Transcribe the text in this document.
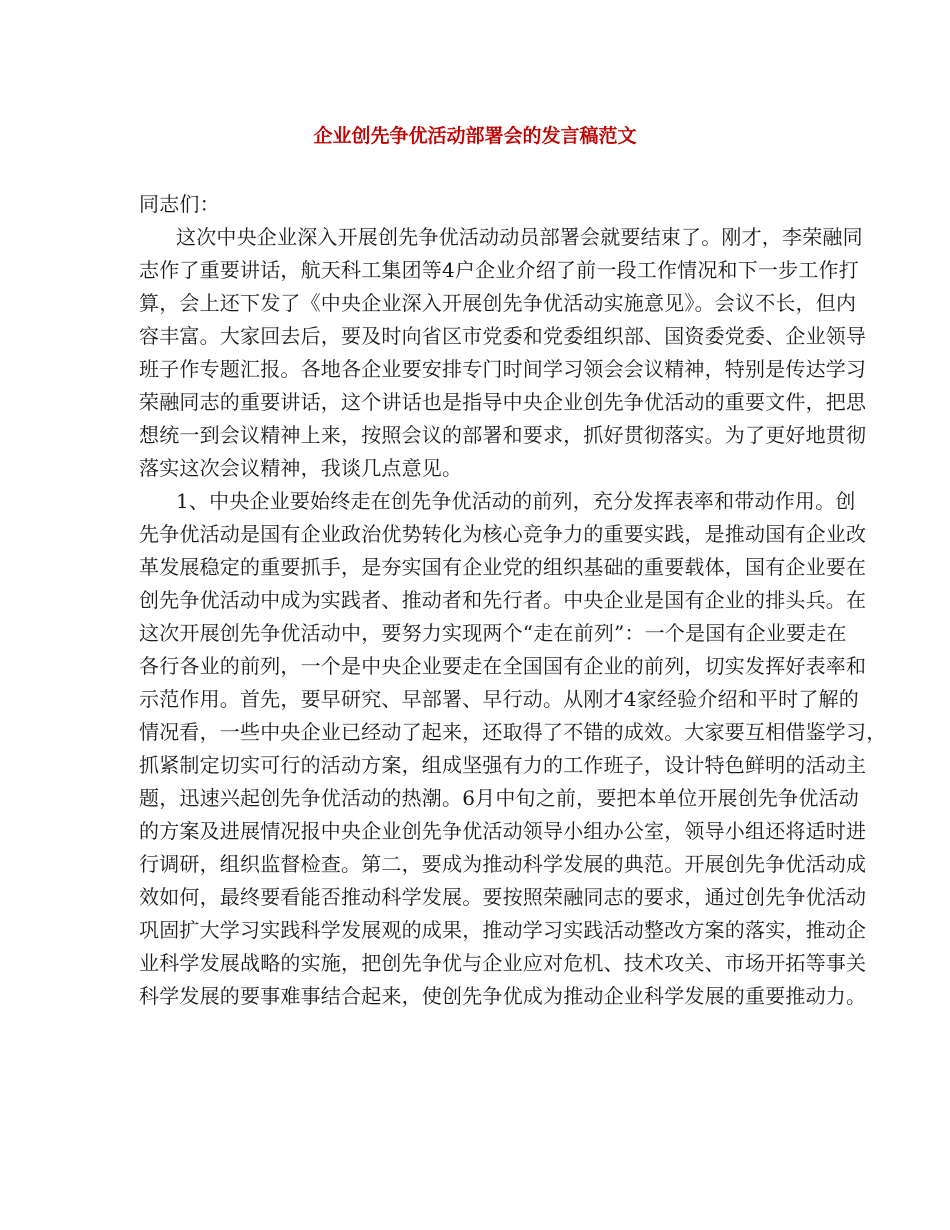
企业创先争优活动部署会的发言稿范文
同志们：
这次中央企业深入开展创先争优活动动员部署会就要结束了。刚才，李荣融同
志作了重要讲话，航天科工集团等4户企业介绍了前一段工作情况和下一步工作打
算，会上还下发了《中央企业深入开展创先争优活动实施意见》。会议不长，但内
容丰富。大家回去后，要及时向省区市党委和党委组织部、国资委党委、企业领导
班子作专题汇报。各地各企业要安排专门时间学习领会会议精神，特别是传达学习
荣融同志的重要讲话，这个讲话也是指导中央企业创先争优活动的重要文件，把思
想统一到会议精神上来，按照会议的部署和要求，抓好贯彻落实。为了更好地贯彻
落实这次会议精神，我谈几点意见。
1、中央企业要始终走在创先争优活动的前列，充分发挥表率和带动作用。创
先争优活动是国有企业政治优势转化为核心竞争力的重要实践，是推动国有企业改
革发展稳定的重要抓手，是夯实国有企业党的组织基础的重要载体，国有企业要在
创先争优活动中成为实践者、推动者和先行者。中央企业是国有企业的排头兵。在
这次开展创先争优活动中，要努力实现两个“走在前列”：一个是国有企业要走在
各行各业的前列，一个是中央企业要走在全国国有企业的前列，切实发挥好表率和
示范作用。首先，要早研究、早部署、早行动。从刚才4家经验介绍和平时了解的
情况看，一些中央企业已经动了起来，还取得了不错的成效。大家要互相借鉴学习，
抓紧制定切实可行的活动方案，组成坚强有力的工作班子，设计特色鲜明的活动主
题，迅速兴起创先争优活动的热潮。6月中旬之前，要把本单位开展创先争优活动
的方案及进展情况报中央企业创先争优活动领导小组办公室，领导小组还将适时进
行调研，组织监督检查。第二，要成为推动科学发展的典范。开展创先争优活动成
效如何，最终要看能否推动科学发展。要按照荣融同志的要求，通过创先争优活动
巩固扩大学习实践科学发展观的成果，推动学习实践活动整改方案的落实，推动企
业科学发展战略的实施，把创先争优与企业应对危机、技术攻关、市场开拓等事关
科学发展的要事难事结合起来，使创先争优成为推动企业科学发展的重要推动力。
